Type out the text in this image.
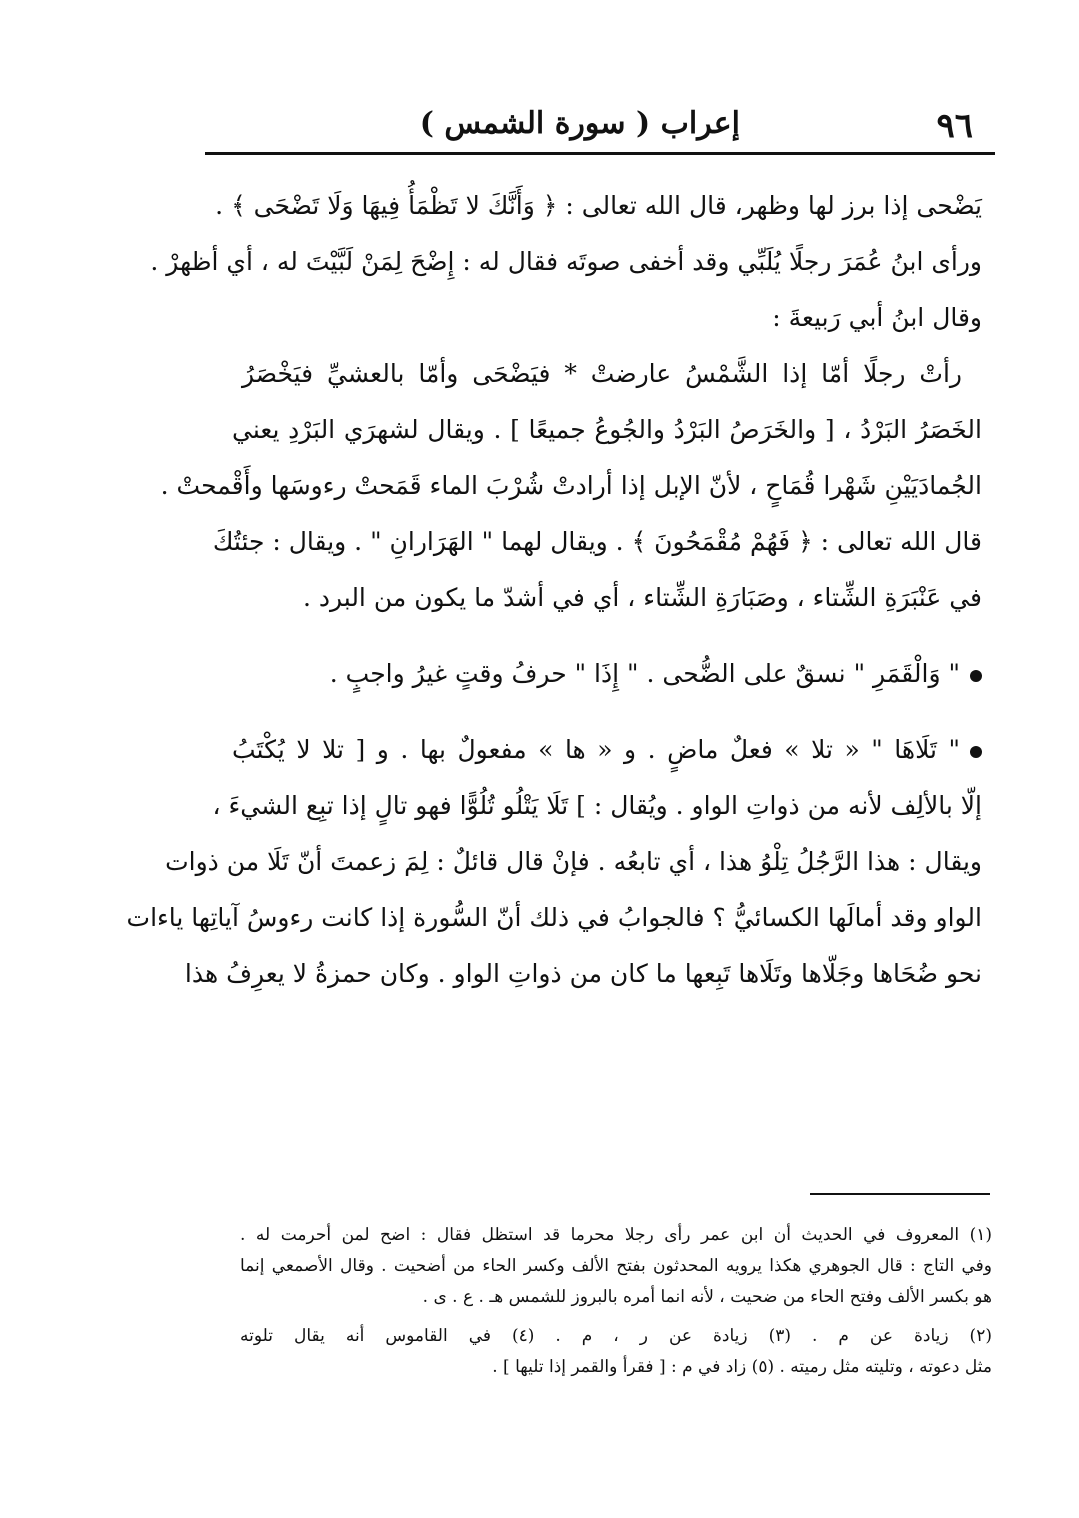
٩٦
إعراب ( سورة الشمس )
يَضْحى إذا برز لها وظهر، قال الله تعالى : ﴿ وَأَنَّكَ لا تَظْمَأُ فِيهَا وَلَا تَضْحَى ﴾ .
ورأى ابنُ عُمَرَ رجلًا يُلَبِّي وقد أخفى صوتَه فقال له : إِضْحَ لِمَنْ لَبَّيْتَ له ، أي أظهرْ .
وقال ابنُ أبي رَبيعةَ :
رأتْ رجلًا أمّا إذا الشَّمْسُ عارضتْ * فيَضْحَى وأمّا بالعشيِّ فيَخْصَرُ
الخَصَرُ البَرْدُ ، [ والخَرَصُ البَرْدُ والجُوعُ جميعًا ] . ويقال لشهرَي البَرْدِ يعني
الجُمادَيَيْنِ شَهْرا قُمَاحٍ ، لأنّ الإبل إذا أرادتْ شُرْبَ الماء قَمَحتْ رءوسَها وأَقْمحتْ .
قال الله تعالى : ﴿ فَهُمْ مُقْمَحُونَ ﴾ . ويقال لهما " الهَرَارانِ " . ويقال : جئتُكَ
في عَنْبَرَةِ الشِّتاء ، وصَبَارَةِ الشِّتاء ، أي في أشدّ ما يكون من البرد .
" وَالْقَمَرِ " نسقٌ على الضُّحى . " إِذَا " حرفُ وقتٍ غيرُ واجبٍ .
" تَلَاهَا " « تلا » فعلٌ ماضٍ . و « ها » مفعولٌ بها . و [ تلا لا يُكْتَبُ
إلّا بالألِف لأنه من ذواتِ الواو . ويُقال : ] تَلَا يَتْلُو تُلُوًّا فهو تالٍ إذا تبِع الشيءَ ،
ويقال : هذا الرَّجُلُ تِلْوُ هذا ، أي تابعُه . فإنْ قال قائلٌ : لِمَ زعمتَ أنّ تَلَا من ذوات
الواو وقد أمالَها الكسائيُّ ؟ فالجوابُ في ذلك أنّ السُّورة إذا كانت رءوسُ آياتِها ياءات
نحو ضُحَاها وجَلّاها وتَلَاها تَبِعها ما كان من ذواتِ الواو . وكان حمزةُ لا يعرِفُ هذا
(١) المعروف في الحديث أن ابن عمر رأى رجلا محرما قد استظل فقال : اضح لمن أحرمت له .
وفي التاج : قال الجوهري هكذا يرويه المحدثون بفتح الألف وكسر الحاء من أضحيت . وقال الأصمعي إنما
هو بكسر الألف وفتح الحاء من ضحيت ، لأنه انما أمره بالبروز للشمس هـ . ع . ى .
(٢) زيادة عن م . (٣) زيادة عن ر ، م . (٤) في القاموس أنه يقال تلوته
مثل دعوته ، وتليته مثل رميته . (٥) زاد في م : [ فقرأ والقمر إذا تليها ] .
